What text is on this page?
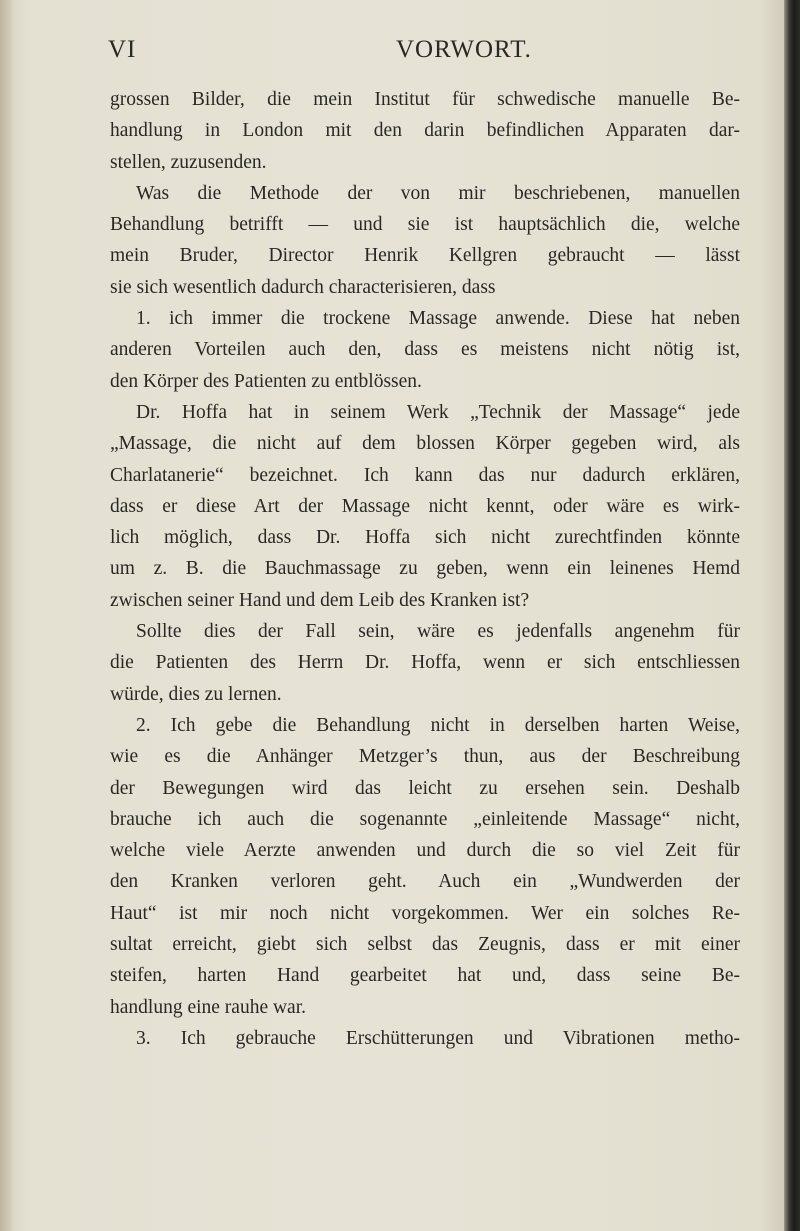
VI	VORWORT.
grossen Bilder, die mein Institut für schwedische manuelle Be-
handlung in London mit den darin befindlichen Apparaten dar-
stellen, zuzusenden.
Was die Methode der von mir beschriebenen, manuellen
Behandlung betrifft — und sie ist hauptsächlich die, welche
mein Bruder, Director Henrik Kellgren gebraucht — lässt
sie sich wesentlich dadurch characterisieren, dass
1. ich immer die trockene Massage anwende. Diese hat neben
anderen Vorteilen auch den, dass es meistens nicht nötig ist,
den Körper des Patienten zu entblössen.
Dr. Hoffa hat in seinem Werk „Technik der Massage“ jede
„Massage, die nicht auf dem blossen Körper gegeben wird, als
Charlatanerie“ bezeichnet. Ich kann das nur dadurch erklären,
dass er diese Art der Massage nicht kennt, oder wäre es wirk-
lich möglich, dass Dr. Hoffa sich nicht zurechtfinden könnte
um z. B. die Bauchmassage zu geben, wenn ein leinenes Hemd
zwischen seiner Hand und dem Leib des Kranken ist?
Sollte dies der Fall sein, wäre es jedenfalls angenehm für
die Patienten des Herrn Dr. Hoffa, wenn er sich entschliessen
würde, dies zu lernen.
2. Ich gebe die Behandlung nicht in derselben harten Weise,
wie es die Anhänger Metzger’s thun, aus der Beschreibung
der Bewegungen wird das leicht zu ersehen sein. Deshalb
brauche ich auch die sogenannte „einleitende Massage“ nicht,
welche viele Aerzte anwenden und durch die so viel Zeit für
den Kranken verloren geht. Auch ein „Wundwerden der
Haut“ ist mir noch nicht vorgekommen. Wer ein solches Re-
sultat erreicht, giebt sich selbst das Zeugnis, dass er mit einer
steifen, harten Hand gearbeitet hat und, dass seine Be-
handlung eine rauhe war.
3. Ich gebrauche Erschütterungen und Vibrationen metho-
